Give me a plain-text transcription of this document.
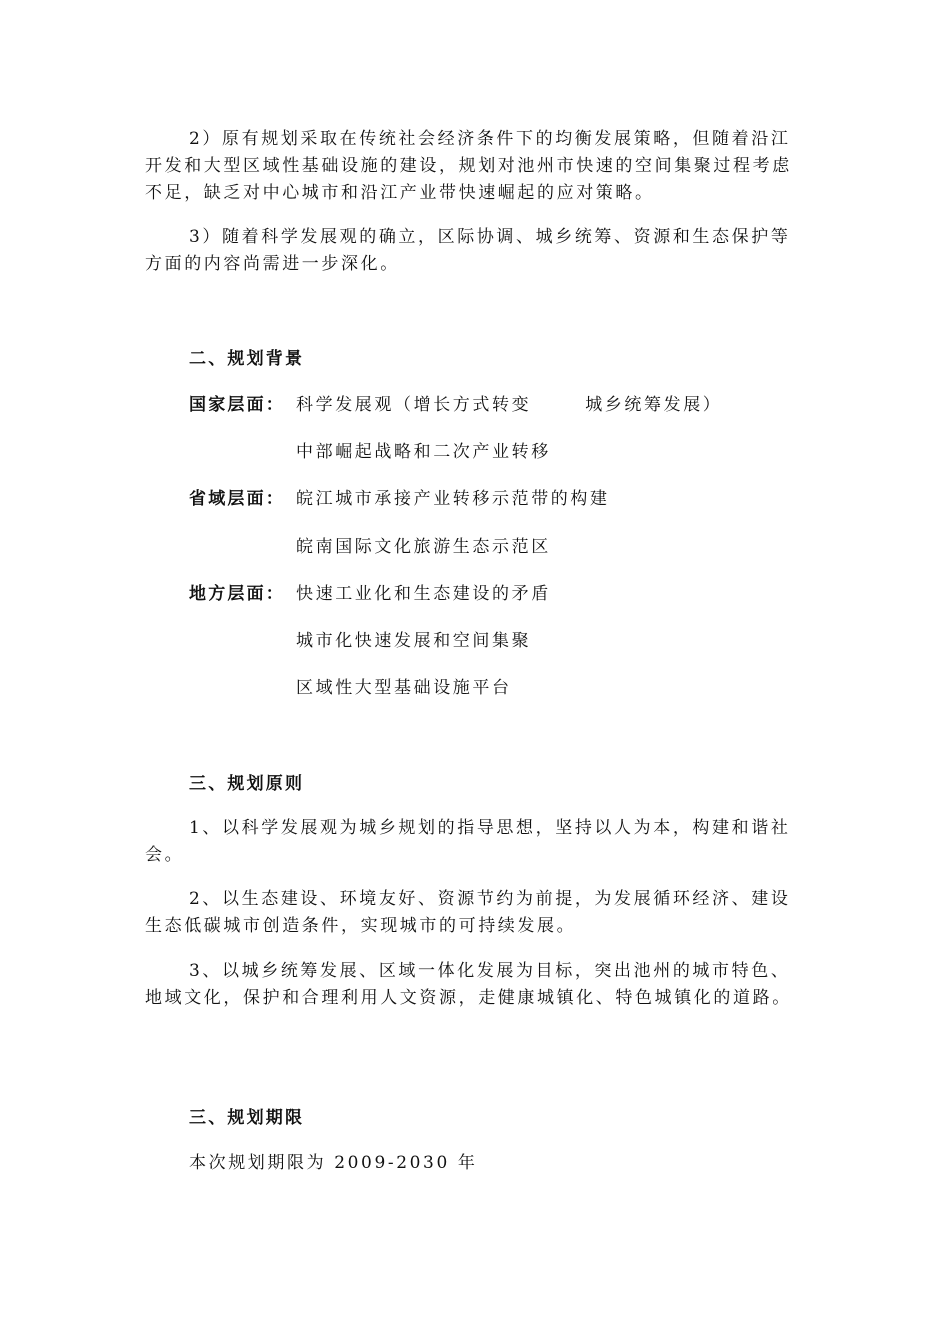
2）原有规划采取在传统社会经济条件下的均衡发展策略，但随着沿江开发和大型区域性基础设施的建设，规划对池州市快速的空间集聚过程考虑不足，缺乏对中心城市和沿江产业带快速崛起的应对策略。

3）随着科学发展观的确立，区际协调、城乡统筹、资源和生态保护等方面的内容尚需进一步深化。

二、规划背景
国家层面： 科学发展观（增长方式转变	城乡统筹发展）
中部崛起战略和二次产业转移
省域层面： 皖江城市承接产业转移示范带的构建
皖南国际文化旅游生态示范区
地方层面： 快速工业化和生态建设的矛盾
城市化快速发展和空间集聚
区域性大型基础设施平台
三、规划原则

1、以科学发展观为城乡规划的指导思想，坚持以人为本，构建和谐社会。

2、以生态建设、环境友好、资源节约为前提，为发展循环经济、建设生态低碳城市创造条件，实现城市的可持续发展。

3、以城乡统筹发展、区域一体化发展为目标，突出池州的城市特色、地域文化，保护和合理利用人文资源，走健康城镇化、特色城镇化的道路。

三、规划期限

本次规划期限为 2009-2030 年
